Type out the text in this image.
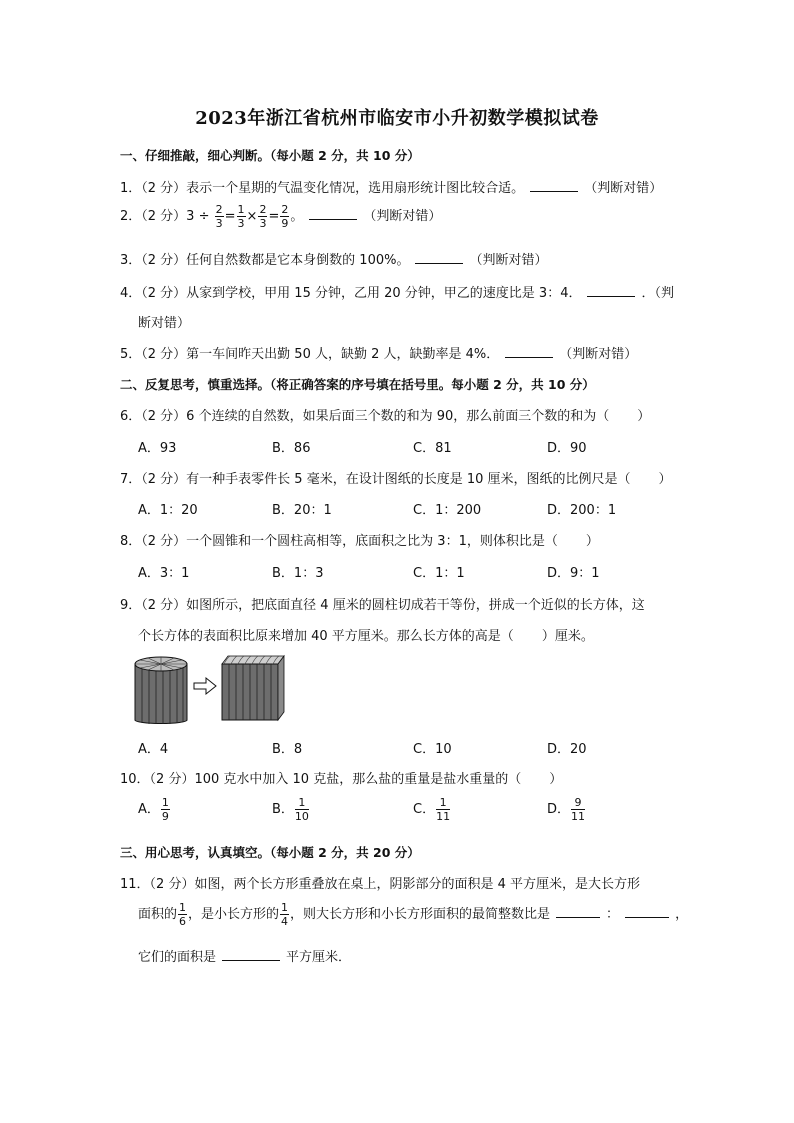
2023年浙江省杭州市临安市小升初数学模拟试卷
一、仔细推敲，细心判断。（每小题 2 分，共 10 分）
1．（2 分）表示一个星期的气温变化情况，选用扇形统计图比较合适。	（判断对错）
2．（2 分）$3 \div \frac{2}{3} = \frac{1}{3} \times \frac{2}{3} = \frac{2}{9}$ 。	（判断对错）
3．（2 分）任何自然数都是它本身倒数的 100%。	（判断对错）
4．（2 分）从家到学校，甲用 15 分钟，乙用 20 分钟，甲乙的速度比是 3：4．	．（判
断对错）
5．（2 分）第一车间昨天出勤 50 人，缺勤 2 人，缺勤率是 4%．	（判断对错）
二、反复思考，慎重选择。（将正确答案的序号填在括号里。每小题 2 分，共 10 分）
6．（2 分）6 个连续的自然数，如果后面三个数的和为 90，那么前面三个数的和为（ ）
A．93	B．86	C．81	D．90
7．（2 分）有一种手表零件长 5 毫米，在设计图纸的长度是 10 厘米，图纸的比例尺是（ ）
A．1：20	B．20：1	C．1：200	D．200：1
8．（2 分）一个圆锥和一个圆柱高相等，底面积之比为 3：1，则体积比是（ ）
A．3：1	B．1：3	C．1：1	D．9：1
9．（2 分）如图所示，把底面直径 4 厘米的圆柱切成若干等份，拼成一个近似的长方体，这
个长方体的表面积比原来增加 40 平方厘米。那么长方体的高是（ ）厘米。
A．4	B．8	C．10	D．20
10．（2 分）100 克水中加入 10 克盐，那么盐的重量是盐水重量的（ ）
A． $\frac{1}{9}$	B． $\frac{1}{10}$	C． $\frac{1}{11}$	D． $\frac{9}{11}$
三、用心思考，认真填空。（每小题 2 分，共 20 分）
11．（2 分）如图，两个长方形重叠放在桌上，阴影部分的面积是 4 平方厘米，是大长方形
面积的 $\frac{1}{6}$ ，是小长方形的 $\frac{1}{4}$ ，则大长方形和小长方形面积的最简整数比是	：	，
它们的面积是	平方厘米．
